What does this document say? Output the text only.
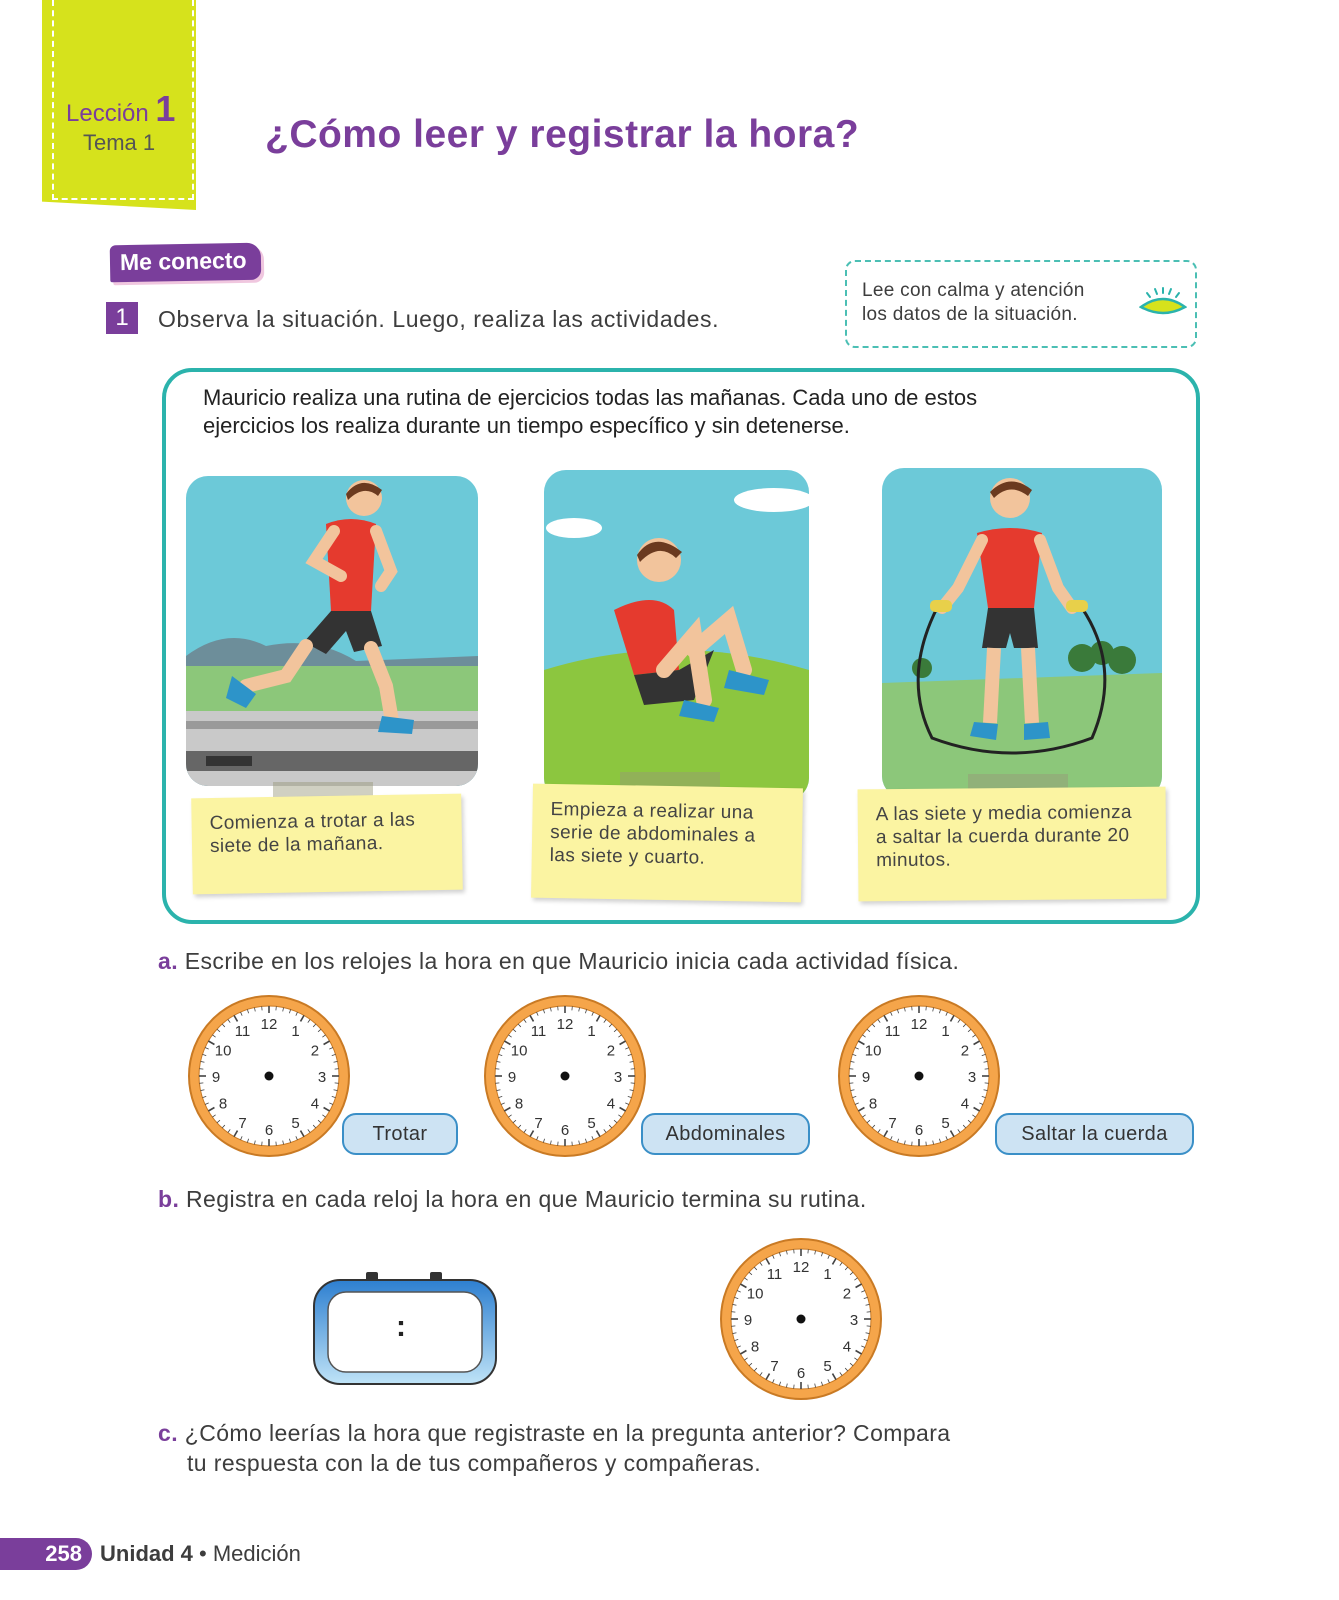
Lección 1
Tema 1	¿Cómo leer y registrar la hora?
Me conecto
1	Observa la situación. Luego, realiza las actividades.
Lee con calma y atención
los datos de la situación.
Mauricio realiza una rutina de ejercicios todas las mañanas. Cada uno de estos
ejercicios los realiza durante un tiempo específico y sin detenerse.
Comienza a trotar a las siete de la mañana.
Empieza a realizar una serie de abdominales a las siete y cuarto.
A las siete y media comienza a saltar la cuerda durante 20 minutos.
a. Escribe en los relojes la hora en que Mauricio inicia cada actividad física.
12 1
2
3
4
5
6
7
8
9
10
11
Trotar
12 1
2
3
4
5
6
7
8
9
10
11
Abdominales
12 1
2
3
4
5
6
7
8
9
10
11
Saltar la cuerda
b. Registra en cada reloj la hora en que Mauricio termina su rutina.
:
12 1
2
3
4
5
6
7
8
9
10
11
c. ¿Cómo leerías la hora que registraste en la pregunta anterior? Compara
tu respuesta con la de tus compañeros y compañeras.
258 Unidad 4 • Medición
